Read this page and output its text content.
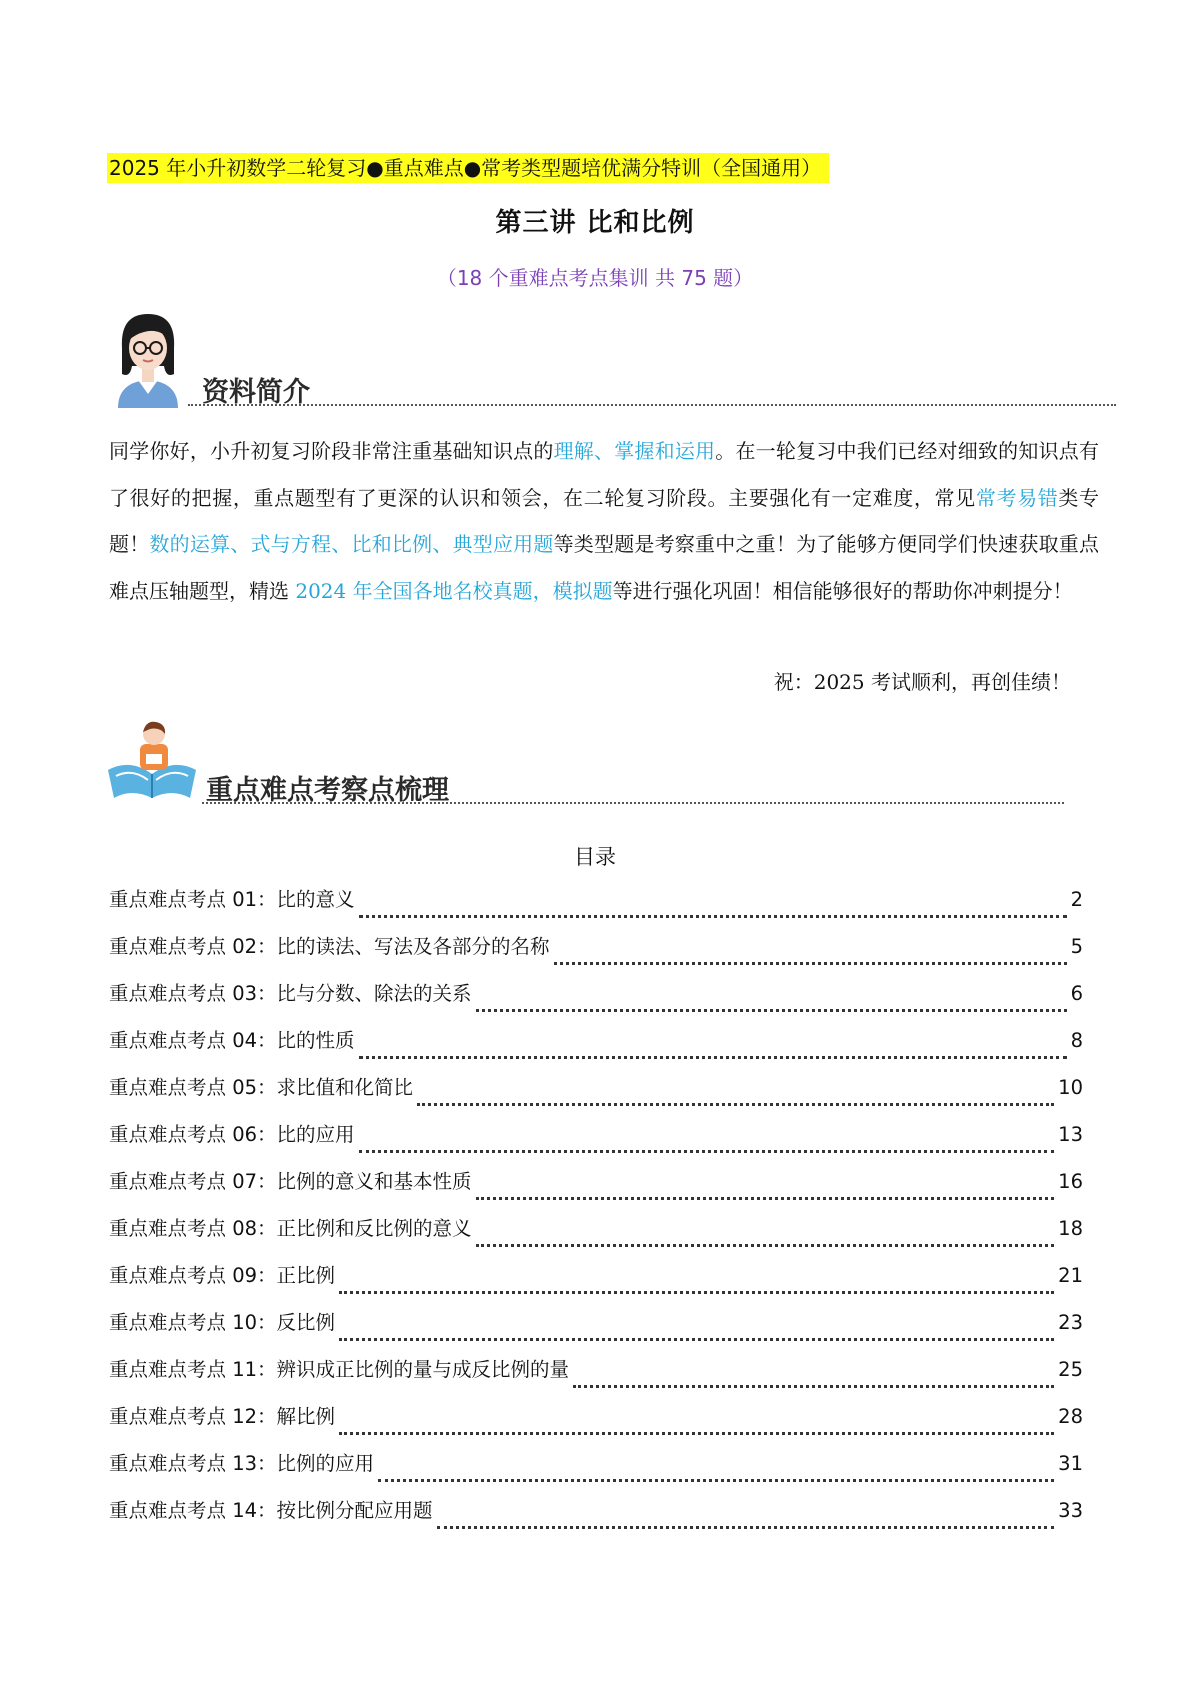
2025 年小升初数学二轮复习●重点难点●常考类型题培优满分特训（全国通用）
第三讲 比和比例
（18 个重难点考点集训 共 75 题）
资料简介
同学你好，小升初复习阶段非常注重基础知识点的理解、掌握和运用。在一轮复习中我们已经对细致的知识点有了很好的把握，重点题型有了更深的认识和领会，在二轮复习阶段。主要强化有一定难度，常见常考易错类专题！数的运算、式与方程、比和比例、典型应用题等类型题是考察重中之重！为了能够方便同学们快速获取重点难点压轴题型，精选 2024 年全国各地名校真题，模拟题等进行强化巩固！相信能够很好的帮助你冲刺提分！
祝：2025 考试顺利，再创佳绩！
重点难点考察点梳理
目录
重点难点考点 01：比的意义	2
重点难点考点 02：比的读法、写法及各部分的名称	5
重点难点考点 03：比与分数、除法的关系	6
重点难点考点 04：比的性质	8
重点难点考点 05：求比值和化简比	10
重点难点考点 06：比的应用	13
重点难点考点 07：比例的意义和基本性质	16
重点难点考点 08：正比例和反比例的意义	18
重点难点考点 09：正比例	21
重点难点考点 10：反比例	23
重点难点考点 11：辨识成正比例的量与成反比例的量	25
重点难点考点 12：解比例	28
重点难点考点 13：比例的应用	31
重点难点考点 14：按比例分配应用题	33
